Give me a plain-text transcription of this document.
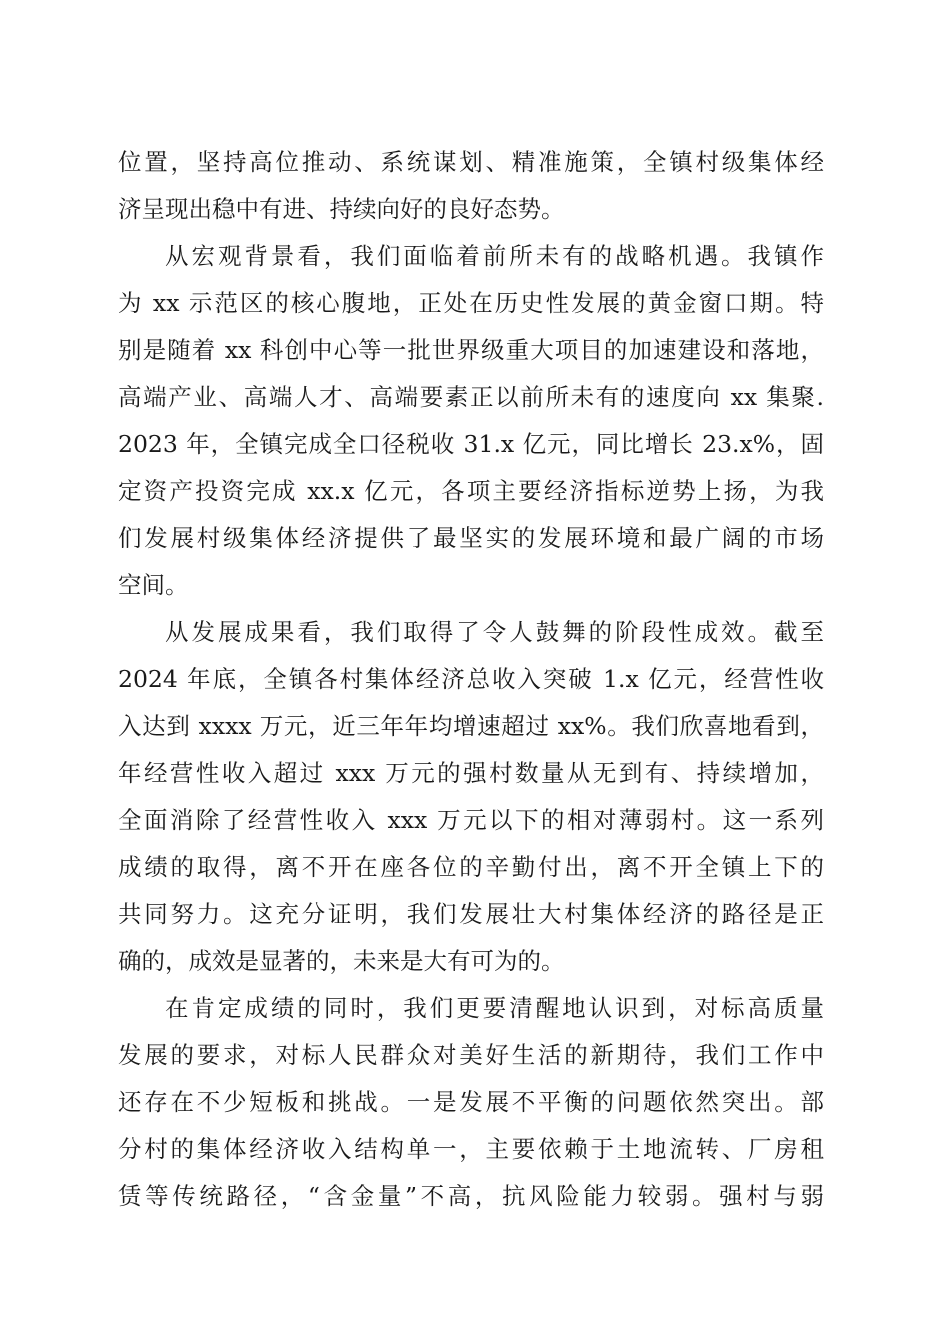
位置，坚持高位推动、系统谋划、精准施策，全镇村级集体经
济呈现出稳中有进、持续向好的良好态势。
从宏观背景看，我们面临着前所未有的战略机遇。我镇作
为 xx 示范区的核心腹地，正处在历史性发展的黄金窗口期。特
别是随着 xx 科创中心等一批世界级重大项目的加速建设和落地，
高端产业、高端人才、高端要素正以前所未有的速度向 xx 集聚.
2023 年，全镇完成全口径税收 31.x 亿元，同比增长 23.x%，固
定资产投资完成 xx.x 亿元，各项主要经济指标逆势上扬，为我
们发展村级集体经济提供了最坚实的发展环境和最广阔的市场
空间。
从发展成果看，我们取得了令人鼓舞的阶段性成效。截至
2024 年底，全镇各村集体经济总收入突破 1.x 亿元，经营性收
入达到 xxxx 万元，近三年年均增速超过 xx%。我们欣喜地看到，
年经营性收入超过 xxx 万元的强村数量从无到有、持续增加，
全面消除了经营性收入 xxx 万元以下的相对薄弱村。这一系列
成绩的取得，离不开在座各位的辛勤付出，离不开全镇上下的
共同努力。这充分证明，我们发展壮大村集体经济的路径是正
确的，成效是显著的，未来是大有可为的。
在肯定成绩的同时，我们更要清醒地认识到，对标高质量
发展的要求，对标人民群众对美好生活的新期待，我们工作中
还存在不少短板和挑战。一是发展不平衡的问题依然突出。部
分村的集体经济收入结构单一，主要依赖于土地流转、厂房租
赁等传统路径，“含金量”不高，抗风险能力较弱。强村与弱
